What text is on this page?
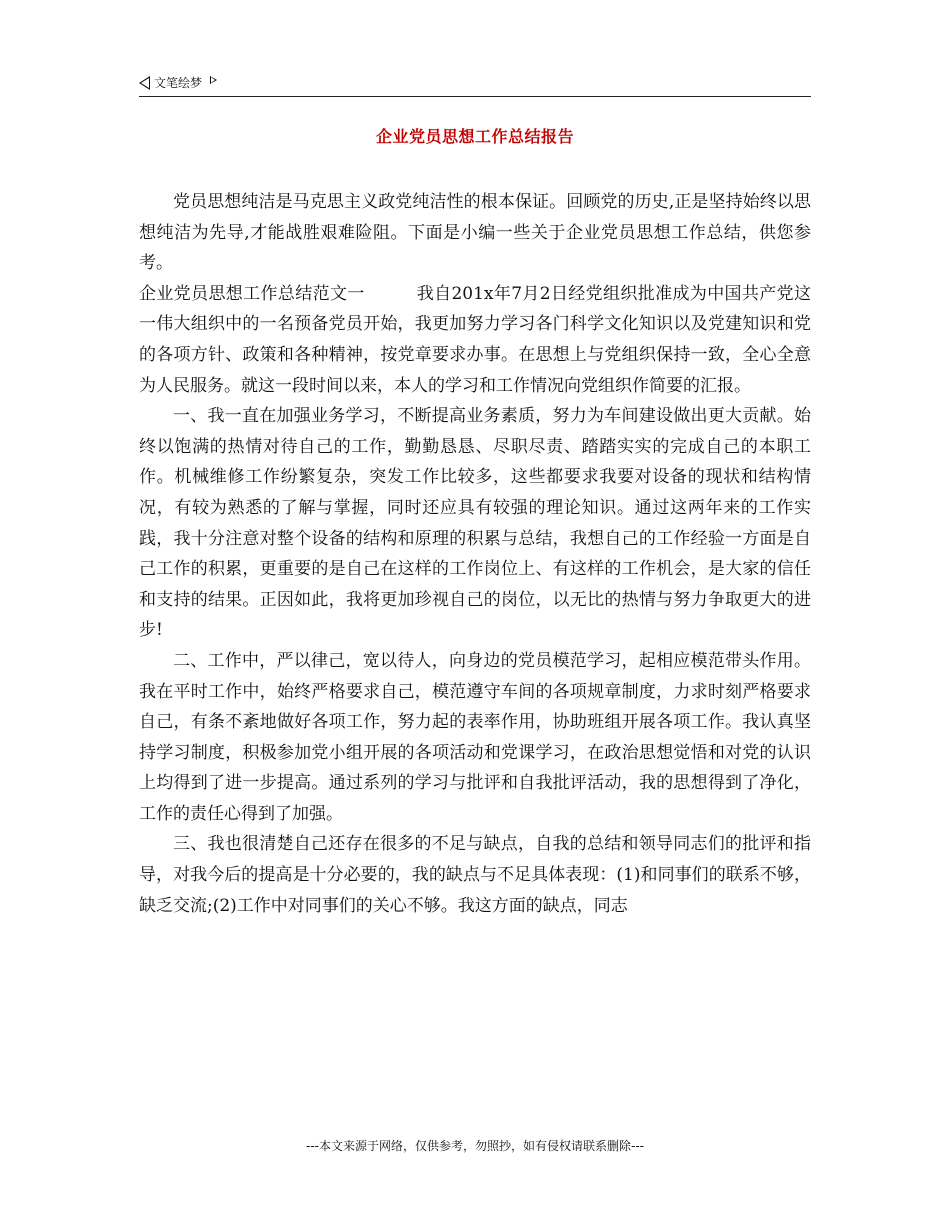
文笔绘梦
企业党员思想工作总结报告

党员思想纯洁是马克思主义政党纯洁性的根本保证。回顾党的历史,正是坚持始终以思想纯洁为先导,才能战胜艰难险阻。下面是小编一些关于企业党员思想工作总结，供您参考。

企业党员思想工作总结范文一　　　我自201x年7月2日经党组织批准成为中国共产党这一伟大组织中的一名预备党员开始，我更加努力学习各门科学文化知识以及党建知识和党的各项方针、政策和各种精神，按党章要求办事。在思想上与党组织保持一致，全心全意为人民服务。就这一段时间以来，本人的学习和工作情况向党组织作简要的汇报。

一、我一直在加强业务学习，不断提高业务素质，努力为车间建设做出更大贡献。始终以饱满的热情对待自己的工作，勤勤恳恳、尽职尽责、踏踏实实的完成自己的本职工作。机械维修工作纷繁复杂，突发工作比较多，这些都要求我要对设备的现状和结构情况，有较为熟悉的了解与掌握，同时还应具有较强的理论知识。通过这两年来的工作实践，我十分注意对整个设备的结构和原理的积累与总结，我想自己的工作经验一方面是自己工作的积累，更重要的是自己在这样的工作岗位上、有这样的工作机会，是大家的信任和支持的结果。正因如此，我将更加珍视自己的岗位，以无比的热情与努力争取更大的进步!

二、工作中，严以律己，宽以待人，向身边的党员模范学习，起相应模范带头作用。我在平时工作中，始终严格要求自己，模范遵守车间的各项规章制度，力求时刻严格要求自己，有条不紊地做好各项工作，努力起的表率作用，协助班组开展各项工作。我认真坚持学习制度，积极参加党小组开展的各项活动和党课学习，在政治思想觉悟和对党的认识上均得到了进一步提高。通过系列的学习与批评和自我批评活动，我的思想得到了净化，工作的责任心得到了加强。

三、我也很清楚自己还存在很多的不足与缺点，自我的总结和领导同志们的批评和指导，对我今后的提高是十分必要的，我的缺点与不足具体表现：(1)和同事们的联系不够，缺乏交流;(2)工作中对同事们的关心不够。我这方面的缺点，同志

---本文来源于网络，仅供参考，勿照抄，如有侵权请联系删除---
